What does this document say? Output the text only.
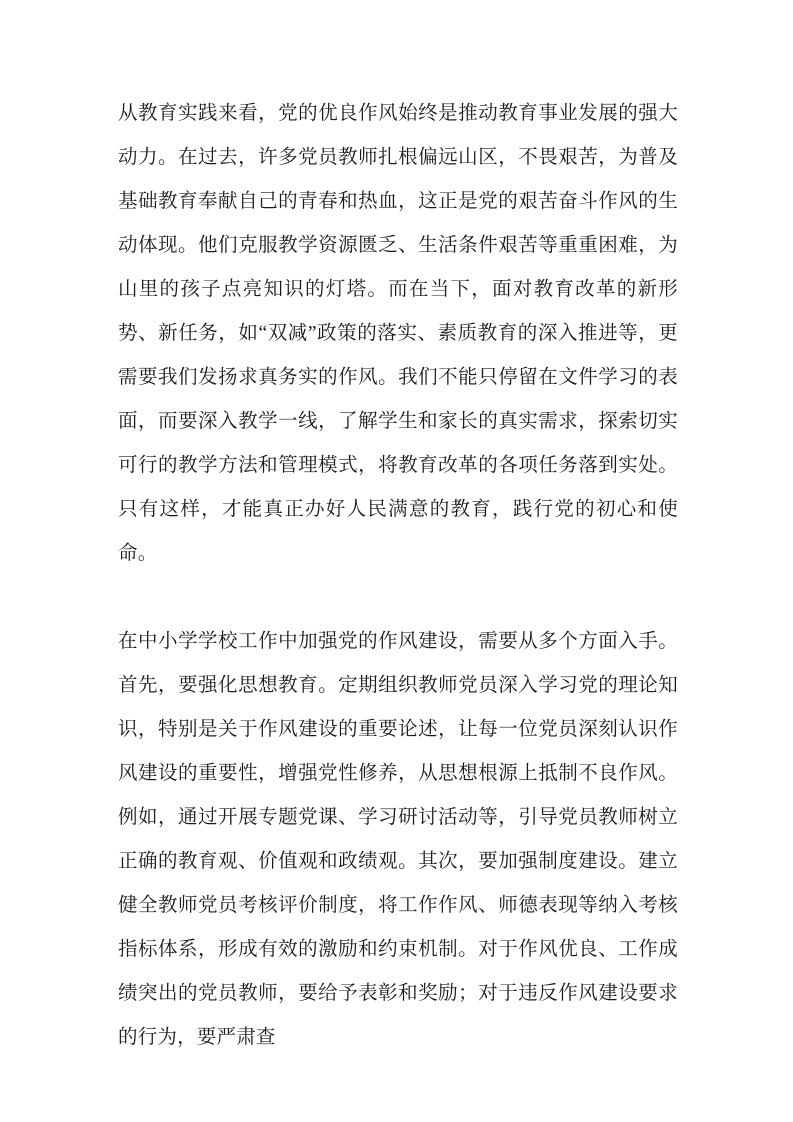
从教育实践来看，党的优良作风始终是推动教育事业发展的强大动力。在过去，许多党员教师扎根偏远山区，不畏艰苦，为普及基础教育奉献自己的青春和热血，这正是党的艰苦奋斗作风的生动体现。他们克服教学资源匮乏、生活条件艰苦等重重困难，为山里的孩子点亮知识的灯塔。而在当下，面对教育改革的新形势、新任务，如“双减”政策的落实、素质教育的深入推进等，更需要我们发扬求真务实的作风。我们不能只停留在文件学习的表面，而要深入教学一线，了解学生和家长的真实需求，探索切实可行的教学方法和管理模式，将教育改革的各项任务落到实处。只有这样，才能真正办好人民满意的教育，践行党的初心和使命。

在中小学学校工作中加强党的作风建设，需要从多个方面入手。首先，要强化思想教育。定期组织教师党员深入学习党的理论知识，特别是关于作风建设的重要论述，让每一位党员深刻认识作风建设的重要性，增强党性修养，从思想根源上抵制不良作风。例如，通过开展专题党课、学习研讨活动等，引导党员教师树立正确的教育观、价值观和政绩观。其次，要加强制度建设。建立健全教师党员考核评价制度，将工作作风、师德表现等纳入考核指标体系，形成有效的激励和约束机制。对于作风优良、工作成绩突出的党员教师，要给予表彰和奖励；对于违反作风建设要求的行为，要严肃查
